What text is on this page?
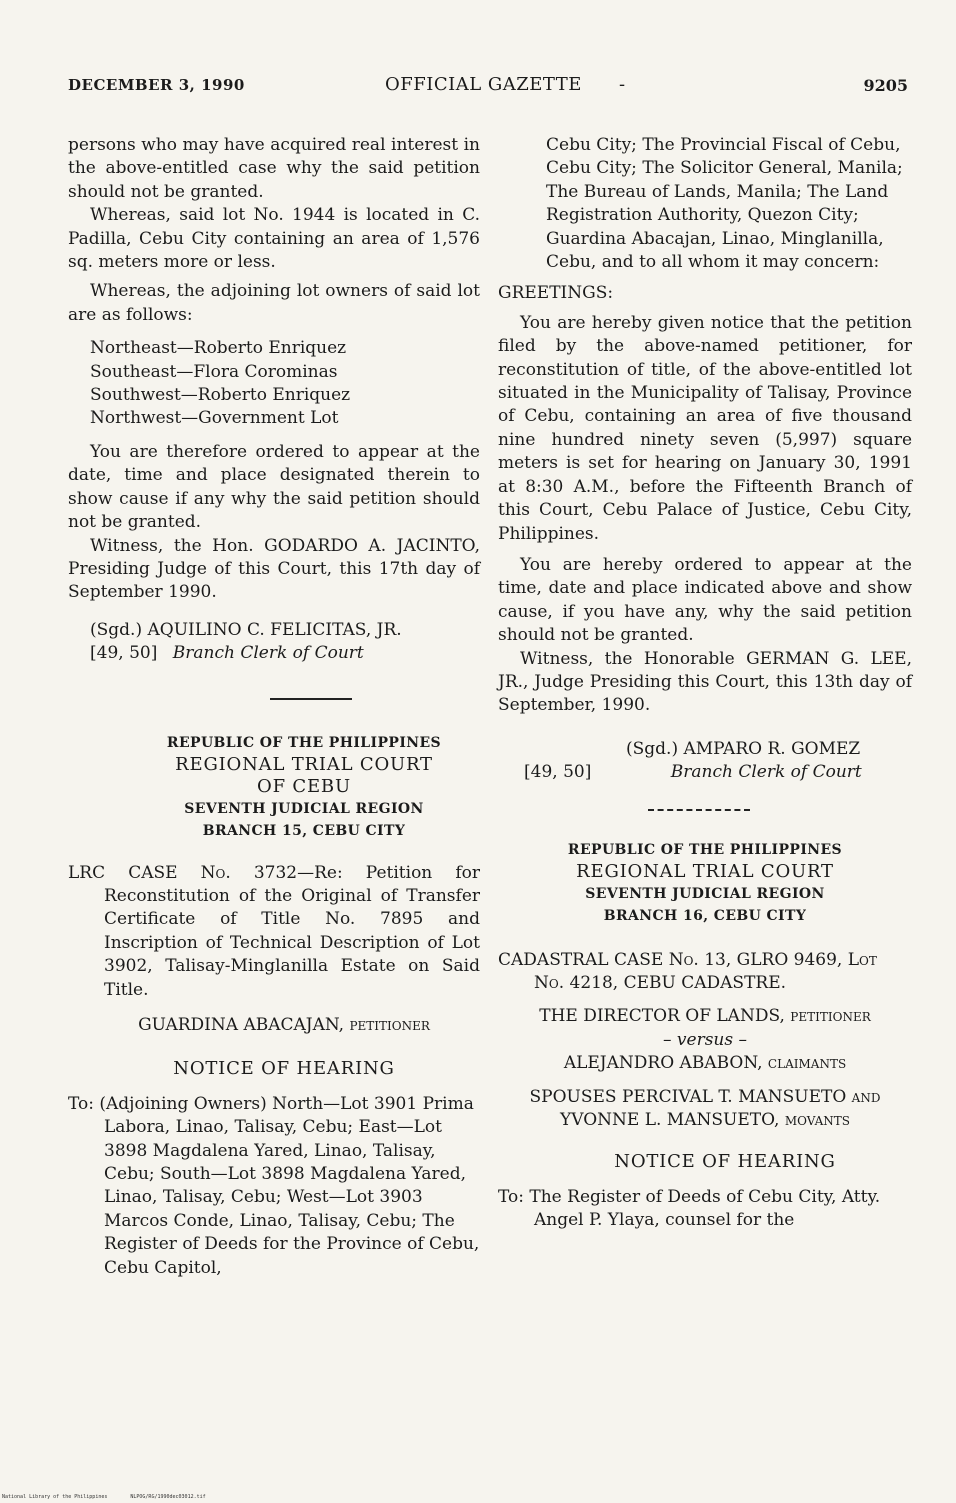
DECEMBER 3, 1990	OFFICIAL GAZETTE -	9205

persons who may have acquired real interest in the above-entitled case why the said petition should not be granted.

Whereas, said lot No. 1944 is located in C. Padilla, Cebu City containing an area of 1,576 sq. meters more or less.

Whereas, the adjoining lot owners of said lot are as follows:

Northeast—Roberto Enriquez

Southeast—Flora Corominas

Southwest—Roberto Enriquez

Northwest—Government Lot

You are therefore ordered to appear at the date, time and place designated therein to show cause if any why the said petition should not be granted.

Witness, the Hon. GODARDO A. JACINTO, Presiding Judge of this Court, this 17th day of September 1990.

(Sgd.) AQUILINO C. FELICITAS, JR.
[49, 50] Branch Clerk of Court
REPUBLIC OF THE PHILIPPINES
REGIONAL TRIAL COURT
OF CEBU
SEVENTH JUDICIAL REGION
BRANCH 15, CEBU CITY

LRC CASE No. 3732—Re: Petition for Reconstitution of the Original of Transfer Certificate of Title No. 7895 and Inscription of Technical Description of Lot 3902, Talisay-Minglanilla Estate on Said Title.

GUARDINA ABACAJAN, petitioner
NOTICE OF HEARING

To: (Adjoining Owners) North—Lot 3901 Prima Labora, Linao, Talisay, Cebu; East—Lot 3898 Magdalena Yared, Linao, Talisay, Cebu; South—Lot 3898 Magdalena Yared, Linao, Talisay, Cebu; West—Lot 3903 Marcos Conde, Linao, Talisay, Cebu; The Register of Deeds for the Province of Cebu, Cebu Capitol,

Cebu City; The Provincial Fiscal of Cebu, Cebu City; The Solicitor General, Manila; The Bureau of Lands, Manila; The Land Registration Authority, Quezon City; Guardina Abacajan, Linao, Minglanilla, Cebu, and to all whom it may concern:

GREETINGS:

You are hereby given notice that the petition filed by the above-named petitioner, for reconstitution of title, of the above-entitled lot situated in the Municipality of Talisay, Province of Cebu, containing an area of five thousand nine hundred ninety seven (5,997) square meters is set for hearing on January 30, 1991 at 8:30 A.M., before the Fifteenth Branch of this Court, Cebu Palace of Justice, Cebu City, Philippines.

You are hereby ordered to appear at the time, date and place indicated above and show cause, if you have any, why the said petition should not be granted.

Witness, the Honorable GERMAN G. LEE, JR., Judge Presiding this Court, this 13th day of September, 1990.

(Sgd.) AMPARO R. GOMEZ
[49, 50]	Branch Clerk of Court
REPUBLIC OF THE PHILIPPINES
REGIONAL TRIAL COURT
SEVENTH JUDICIAL REGION
BRANCH 16, CEBU CITY

CADASTRAL CASE No. 13, GLRO 9469, Lot No. 4218, CEBU CADASTRE.

THE DIRECTOR OF LANDS, petitioner
– versus –
ALEJANDRO ABABON, claimants
SPOUSES PERCIVAL T. MANSUETO and YVONNE L. MANSUETO, movants
NOTICE OF HEARING

To: The Register of Deeds of Cebu City, Atty. Angel P. Ylaya, counsel for the

National Library of the Philippines	NLPOG/RG/1990dec03012.tif
